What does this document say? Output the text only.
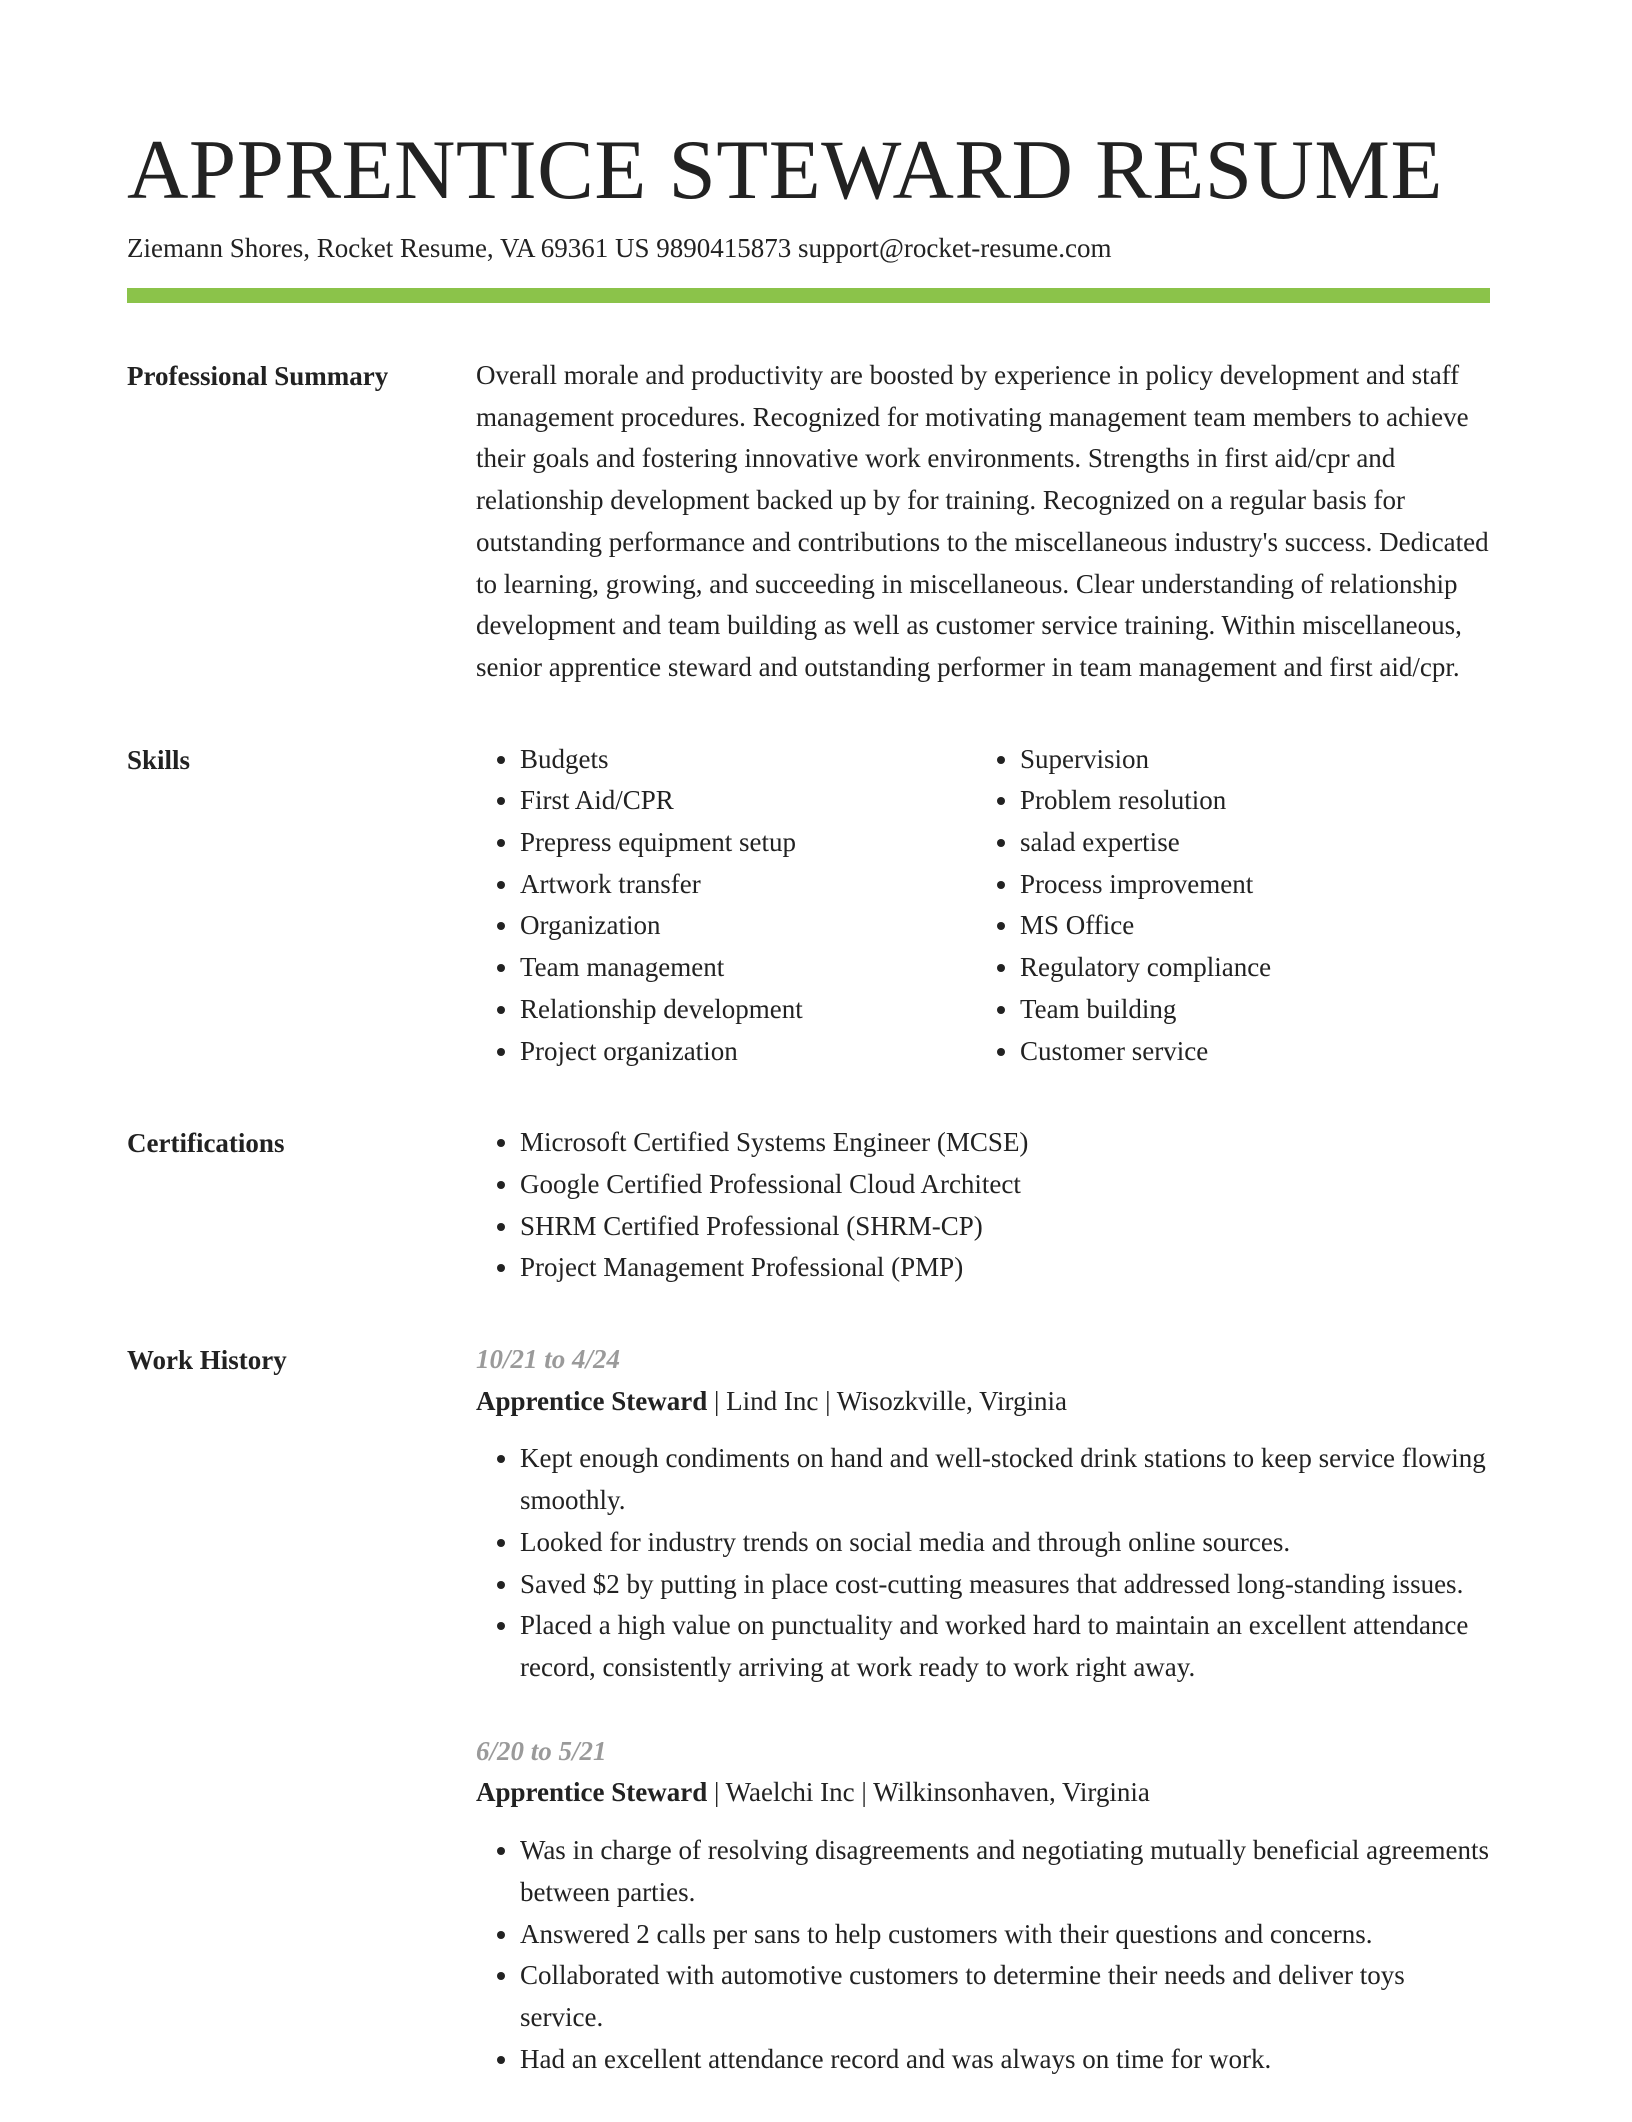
APPRENTICE STEWARD RESUME
Ziemann Shores, Rocket Resume, VA 69361 US 9890415873 support@rocket-resume.com
Professional Summary	Overall morale and productivity are boosted by experience in policy development and staff management procedures. Recognized for motivating management team members to achieve their goals and fostering innovative work environments. Strengths in first aid/cpr and relationship development backed up by for training. Recognized on a regular basis for outstanding performance and contributions to the miscellaneous industry's success. Dedicated to learning, growing, and succeeding in miscellaneous. Clear understanding of relationship development and team building as well as customer service training. Within miscellaneous, senior apprentice steward and outstanding performer in team management and first aid/cpr.

Skills	• Budgets
• First Aid/CPR
• Prepress equipment setup
• Artwork transfer
• Organization
• Team management
• Relationship development
• Project organization
• Supervision
• Problem resolution
• salad expertise
• Process improvement
• MS Office
• Regulatory compliance
• Team building
• Customer service
Certifications	• Microsoft Certified Systems Engineer (MCSE)
• Google Certified Professional Cloud Architect
• SHRM Certified Professional (SHRM-CP)
• Project Management Professional (PMP)
Work History	10/21 to 4/24
Apprentice Steward | Lind Inc | Wisozkville, Virginia
• Kept enough condiments on hand and well-stocked drink stations to keep service flowing smoothly.
• Looked for industry trends on social media and through online sources.
• Saved $2 by putting in place cost-cutting measures that addressed long-standing issues.
• Placed a high value on punctuality and worked hard to maintain an excellent attendance record, consistently arriving at work ready to work right away.
6/20 to 5/21
Apprentice Steward | Waelchi Inc | Wilkinsonhaven, Virginia
• Was in charge of resolving disagreements and negotiating mutually beneficial agreements between parties.
• Answered 2 calls per sans to help customers with their questions and concerns.
• Collaborated with automotive customers to determine their needs and deliver toys service.
• Had an excellent attendance record and was always on time for work.
